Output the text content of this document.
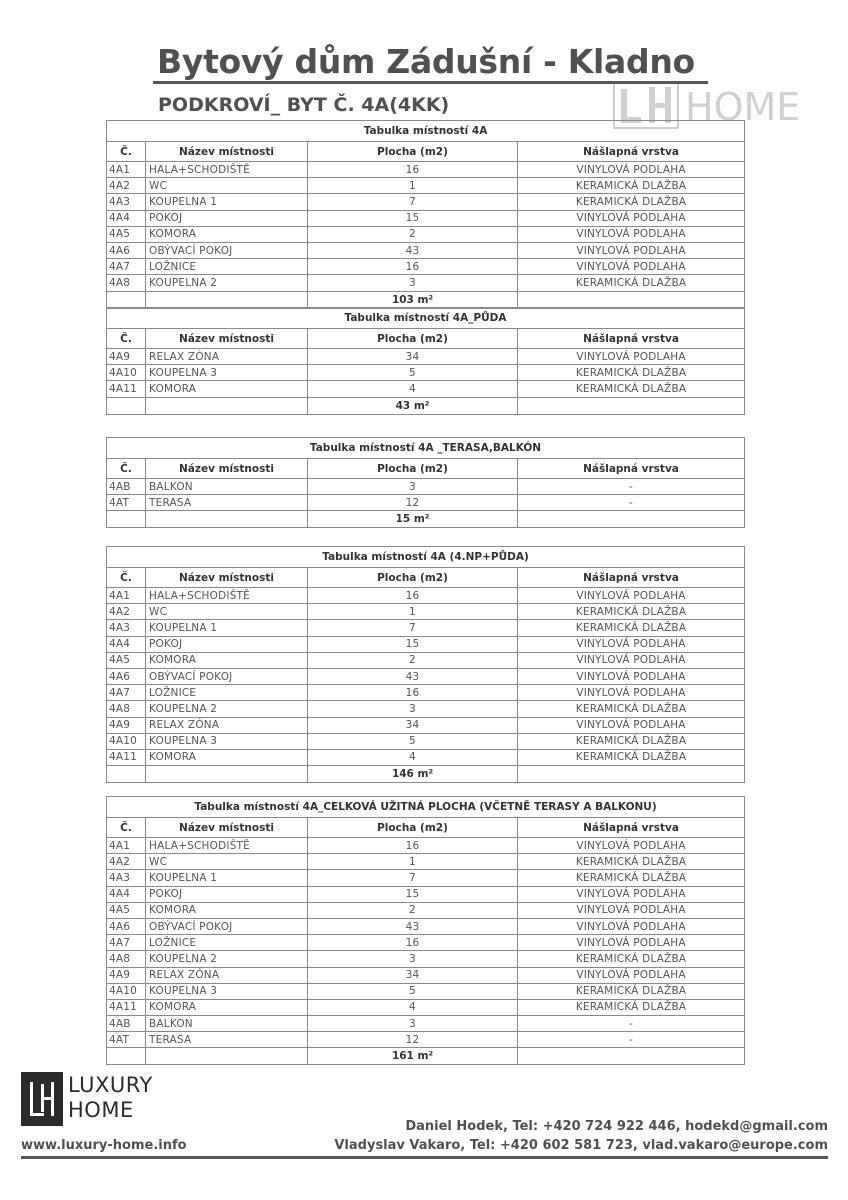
Bytový dům Zádušní - Kladno
PODKROVÍ_ BYT Č. 4A(4KK)	HOME
Tabulka místností 4A			
Č.	Název místnosti	Plocha (m2)	Nášlapná vrstva
4A1	HALA+SCHODIŠTĚ	16	VINYLOVÁ PODLAHA
4A2	WC	1	KERAMICKÁ DLAŽBA
4A3	KOUPELNA 1	7	KERAMICKÁ DLAŽBA
4A4	POKOJ	15	VINYLOVÁ PODLAHA
4A5	KOMORA	2	VINYLOVÁ PODLAHA
4A6	OBÝVACÍ POKOJ	43	VINYLOVÁ PODLAHA
4A7	LOŽNICE	16	VINYLOVÁ PODLAHA
4A8	KOUPELNA 2	3	KERAMICKÁ DLAŽBA
		103 m²	
Tabulka místností 4A_PŮDA			
Č.	Název místnosti	Plocha (m2)	Nášlapná vrstva
4A9	RELAX ZÓNA	34	VINYLOVÁ PODLAHA
4A10	KOUPELNA 3	5	KERAMICKÁ DLAŽBA
4A11	KOMORA	4	KERAMICKÁ DLAŽBA
		43 m²	
Tabulka místností 4A _TERASA,BALKÓN			
Č.	Název místnosti	Plocha (m2)	Nášlapná vrstva
4AB	BALKON	3	-
4AT	TERASA	12	-
		15 m²	
Tabulka místností 4A (4.NP+PŮDA)			
Č.	Název místnosti	Plocha (m2)	Nášlapná vrstva
4A1	HALA+SCHODIŠTĚ	16	VINYLOVÁ PODLAHA
4A2	WC	1	KERAMICKÁ DLAŽBA
4A3	KOUPELNA 1	7	KERAMICKÁ DLAŽBA
4A4	POKOJ	15	VINYLOVÁ PODLAHA
4A5	KOMORA	2	VINYLOVÁ PODLAHA
4A6	OBÝVACÍ POKOJ	43	VINYLOVÁ PODLAHA
4A7	LOŽNICE	16	VINYLOVÁ PODLAHA
4A8	KOUPELNA 2	3	KERAMICKÁ DLAŽBA
4A9	RELAX ZÓNA	34	VINYLOVÁ PODLAHA
4A10	KOUPELNA 3	5	KERAMICKÁ DLAŽBA
4A11	KOMORA	4	KERAMICKÁ DLAŽBA
		146 m²	
Tabulka místností 4A_CELKOVÁ UŽITNÁ PLOCHA (VČETNĚ TERASY A BALKONU)			
Č.	Název místnosti	Plocha (m2)	Nášlapná vrstva
4A1	HALA+SCHODIŠTĚ	16	VINYLOVÁ PODLAHA
4A2	WC	1	KERAMICKÁ DLAŽBA
4A3	KOUPELNA 1	7	KERAMICKÁ DLAŽBA
4A4	POKOJ	15	VINYLOVÁ PODLAHA
4A5	KOMORA	2	VINYLOVÁ PODLAHA
4A6	OBÝVACÍ POKOJ	43	VINYLOVÁ PODLAHA
4A7	LOŽNICE	16	VINYLOVÁ PODLAHA
4A8	KOUPELNA 2	3	KERAMICKÁ DLAŽBA
4A9	RELAX ZÓNA	34	VINYLOVÁ PODLAHA
4A10	KOUPELNA 3	5	KERAMICKÁ DLAŽBA
4A11	KOMORA	4	KERAMICKÁ DLAŽBA
4AB	BALKON	3	-
4AT	TERASA	12	-
		161 m²	
LUXURY
HOME
Daniel Hodek, Tel: +420 724 922 446, hodekd@gmail.com
Vladyslav Vakaro, Tel: +420 602 581 723, vlad.vakaro@europe.com
www.luxury-home.info
